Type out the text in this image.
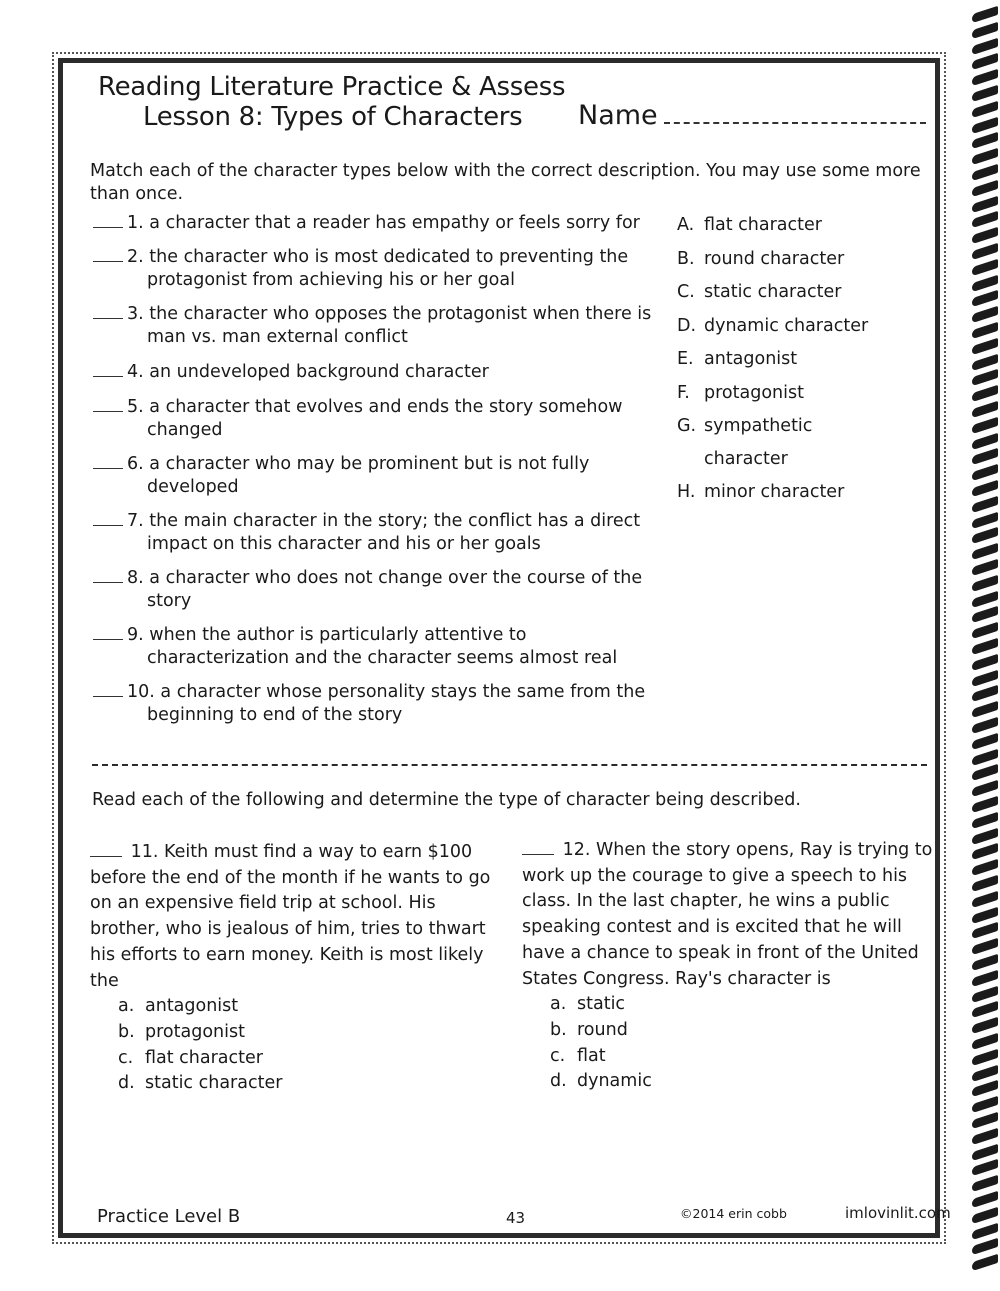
Reading Literature Practice & Assess
Lesson 8: Types of Characters Name
Match each of the character types below with the correct description. You may use some more than once.
1. a character that a reader has empathy or feels sorry for
2. the character who is most dedicated to preventing the protagonist from achieving his or her goal
3. the character who opposes the protagonist when there is man vs. man external conflict
4. an undeveloped background character
5. a character that evolves and ends the story somehow changed
6. a character who may be prominent but is not fully developed
7. the main character in the story; the conflict has a direct impact on this character and his or her goals
8. a character who does not change over the course of the story
9. when the author is particularly attentive to characterization and the character seems almost real
10. a character whose personality stays the same from the beginning to end of the story
A. flat character
B. round character
C. static character
D. dynamic character
E. antagonist
F. protagonist
G. sympathetic character
H. minor character
Read each of the following and determine the type of character being described.
11. Keith must find a way to earn $100 before the end of the month if he wants to go on an expensive field trip at school. His brother, who is jealous of him, tries to thwart his efforts to earn money. Keith is most likely the
a. antagonist
b. protagonist
c. flat character
d. static character
12. When the story opens, Ray is trying to work up the courage to give a speech to his class. In the last chapter, he wins a public speaking contest and is excited that he will have a chance to speak in front of the United States Congress. Ray's character is
a. static
b. round
c. flat
d. dynamic
Practice Level B	43	©2014 erin cobb	imlovinlit.com
